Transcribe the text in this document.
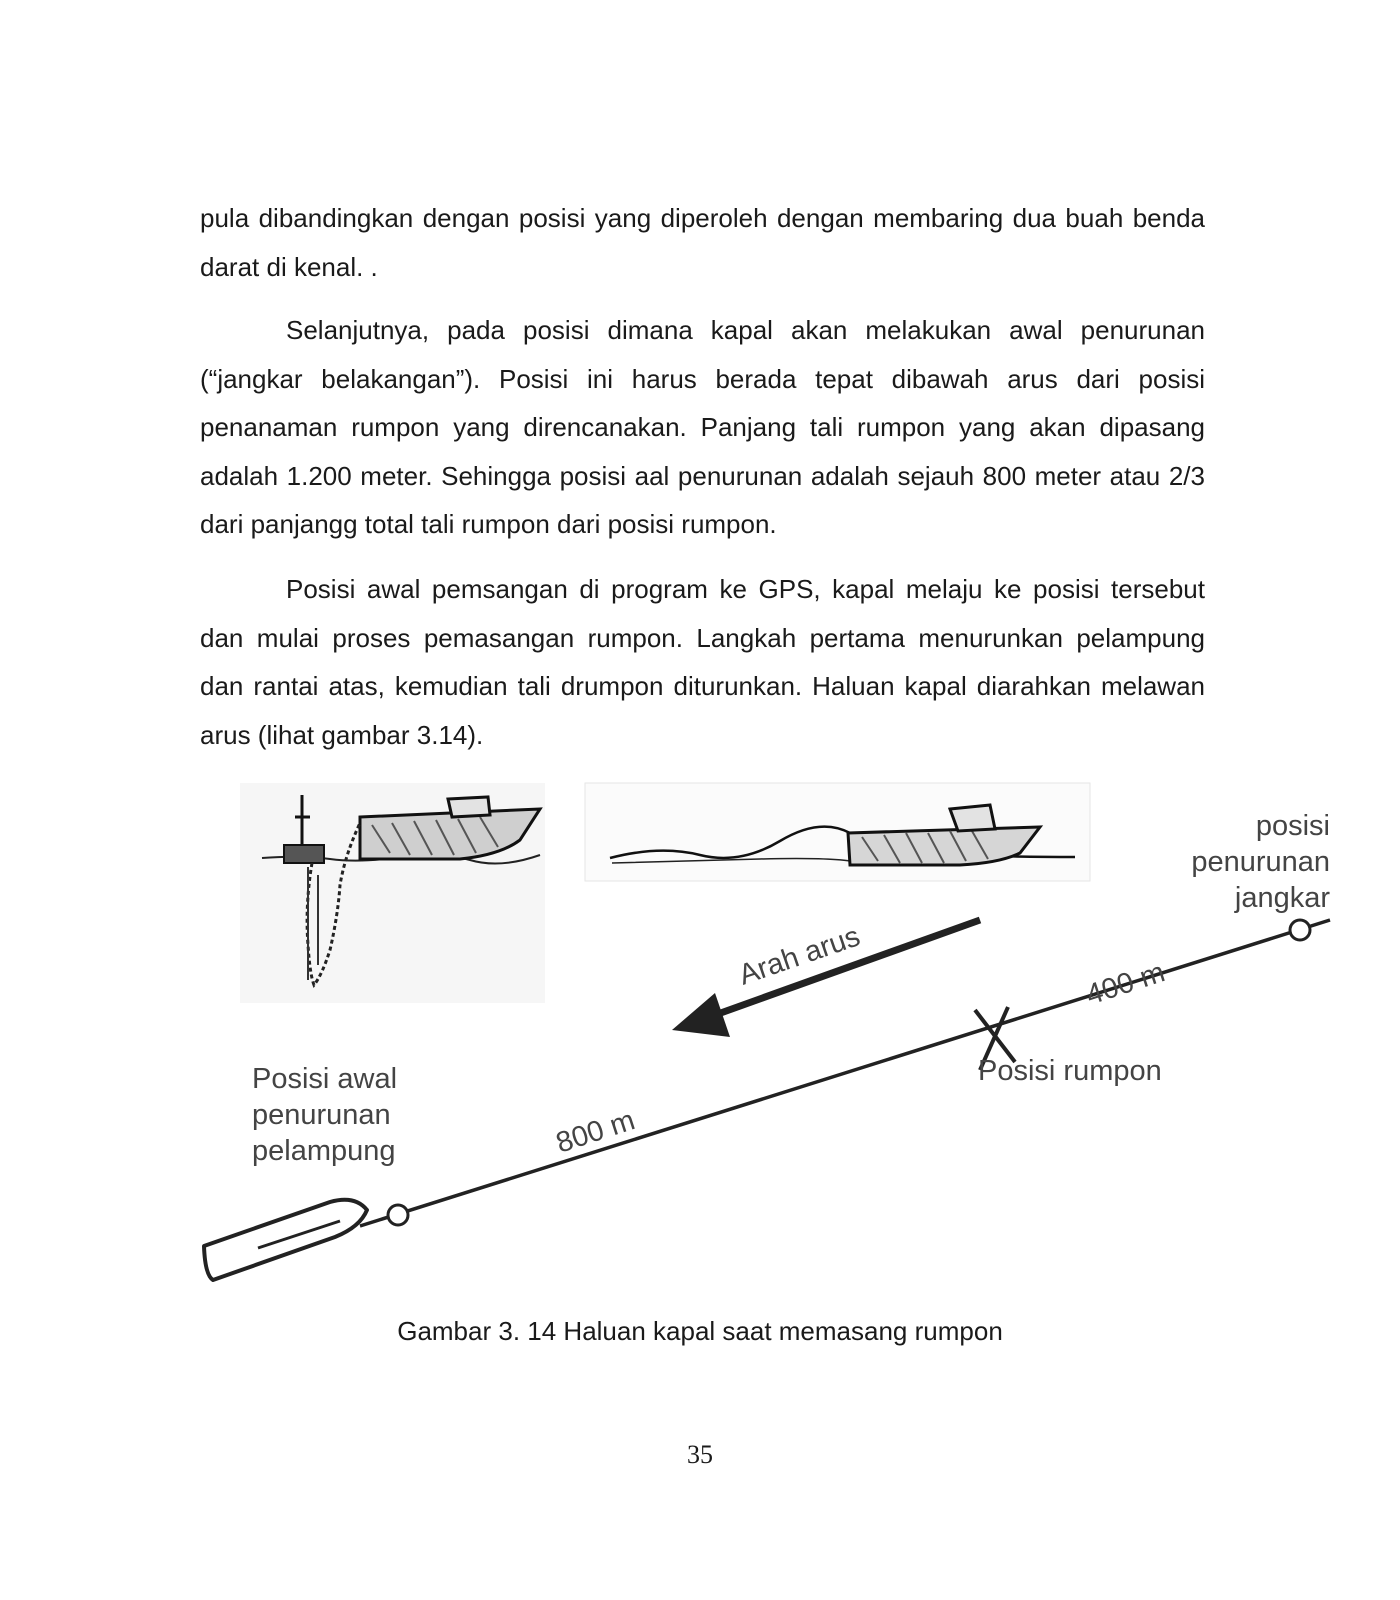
pula dibandingkan dengan posisi yang diperoleh dengan membaring dua buah benda darat di kenal. .

Selanjutnya, pada posisi dimana kapal akan melakukan awal penurunan (“jangkar belakangan”). Posisi ini harus berada tepat dibawah arus dari posisi penanaman rumpon yang direncanakan. Panjang tali rumpon yang akan dipasang adalah 1.200 meter. Sehingga posisi aal penurunan adalah sejauh 800 meter atau 2/3 dari panjangg total tali rumpon dari posisi rumpon.

Posisi awal pemsangan di program ke GPS, kapal melaju ke posisi tersebut dan mulai proses pemasangan rumpon. Langkah pertama menurunkan pelampung dan rantai atas, kemudian tali drumpon diturunkan. Haluan kapal diarahkan melawan arus (lihat gambar 3.14).

Arah arus	400 m
800 m
Posisi rumpon
posisi
penurunan
jangkar
Posisi awal
penurunan
pelampung
Gambar 3. 14 Haluan kapal saat memasang rumpon
35
